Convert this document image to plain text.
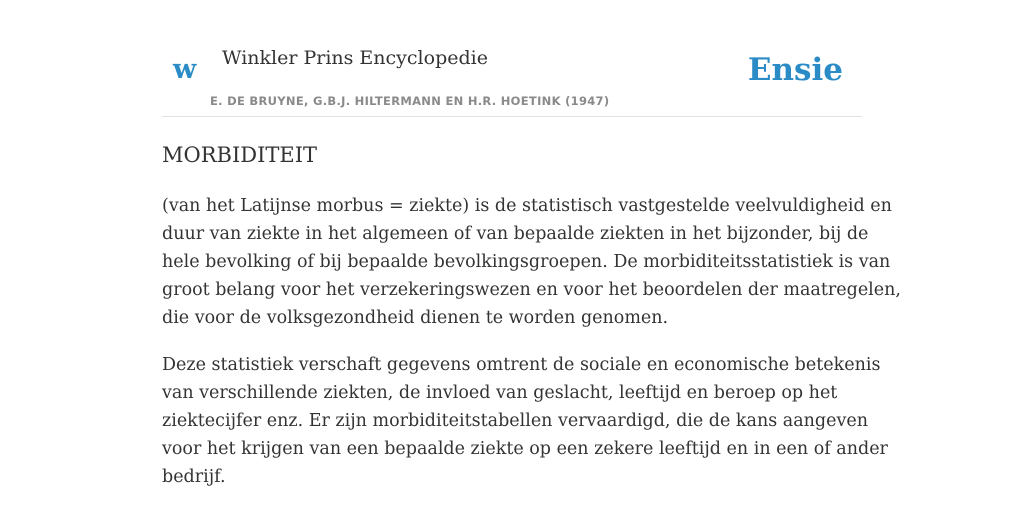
w Winkler Prins Encyclopedie
E. DE BRUYNE, G.B.J. HILTERMANN EN H.R. HOETINK (1947)
Ensie
MORBIDITEIT

(van het Latijnse morbus = ziekte) is de statistisch vastgestelde veelvuldigheid en
duur van ziekte in het algemeen of van bepaalde ziekten in het bijzonder, bij de
hele bevolking of bij bepaalde bevolkingsgroepen. De morbiditeitsstatistiek is van
groot belang voor het verzekeringswezen en voor het beoordelen der maatregelen,
die voor de volksgezondheid dienen te worden genomen.

Deze statistiek verschaft gegevens omtrent de sociale en economische betekenis
van verschillende ziekten, de invloed van geslacht, leeftijd en beroep op het
ziektecijfer enz. Er zijn morbiditeitstabellen vervaardigd, die de kans aangeven
voor het krijgen van een bepaalde ziekte op een zekere leeftijd en in een of ander
bedrijf.
